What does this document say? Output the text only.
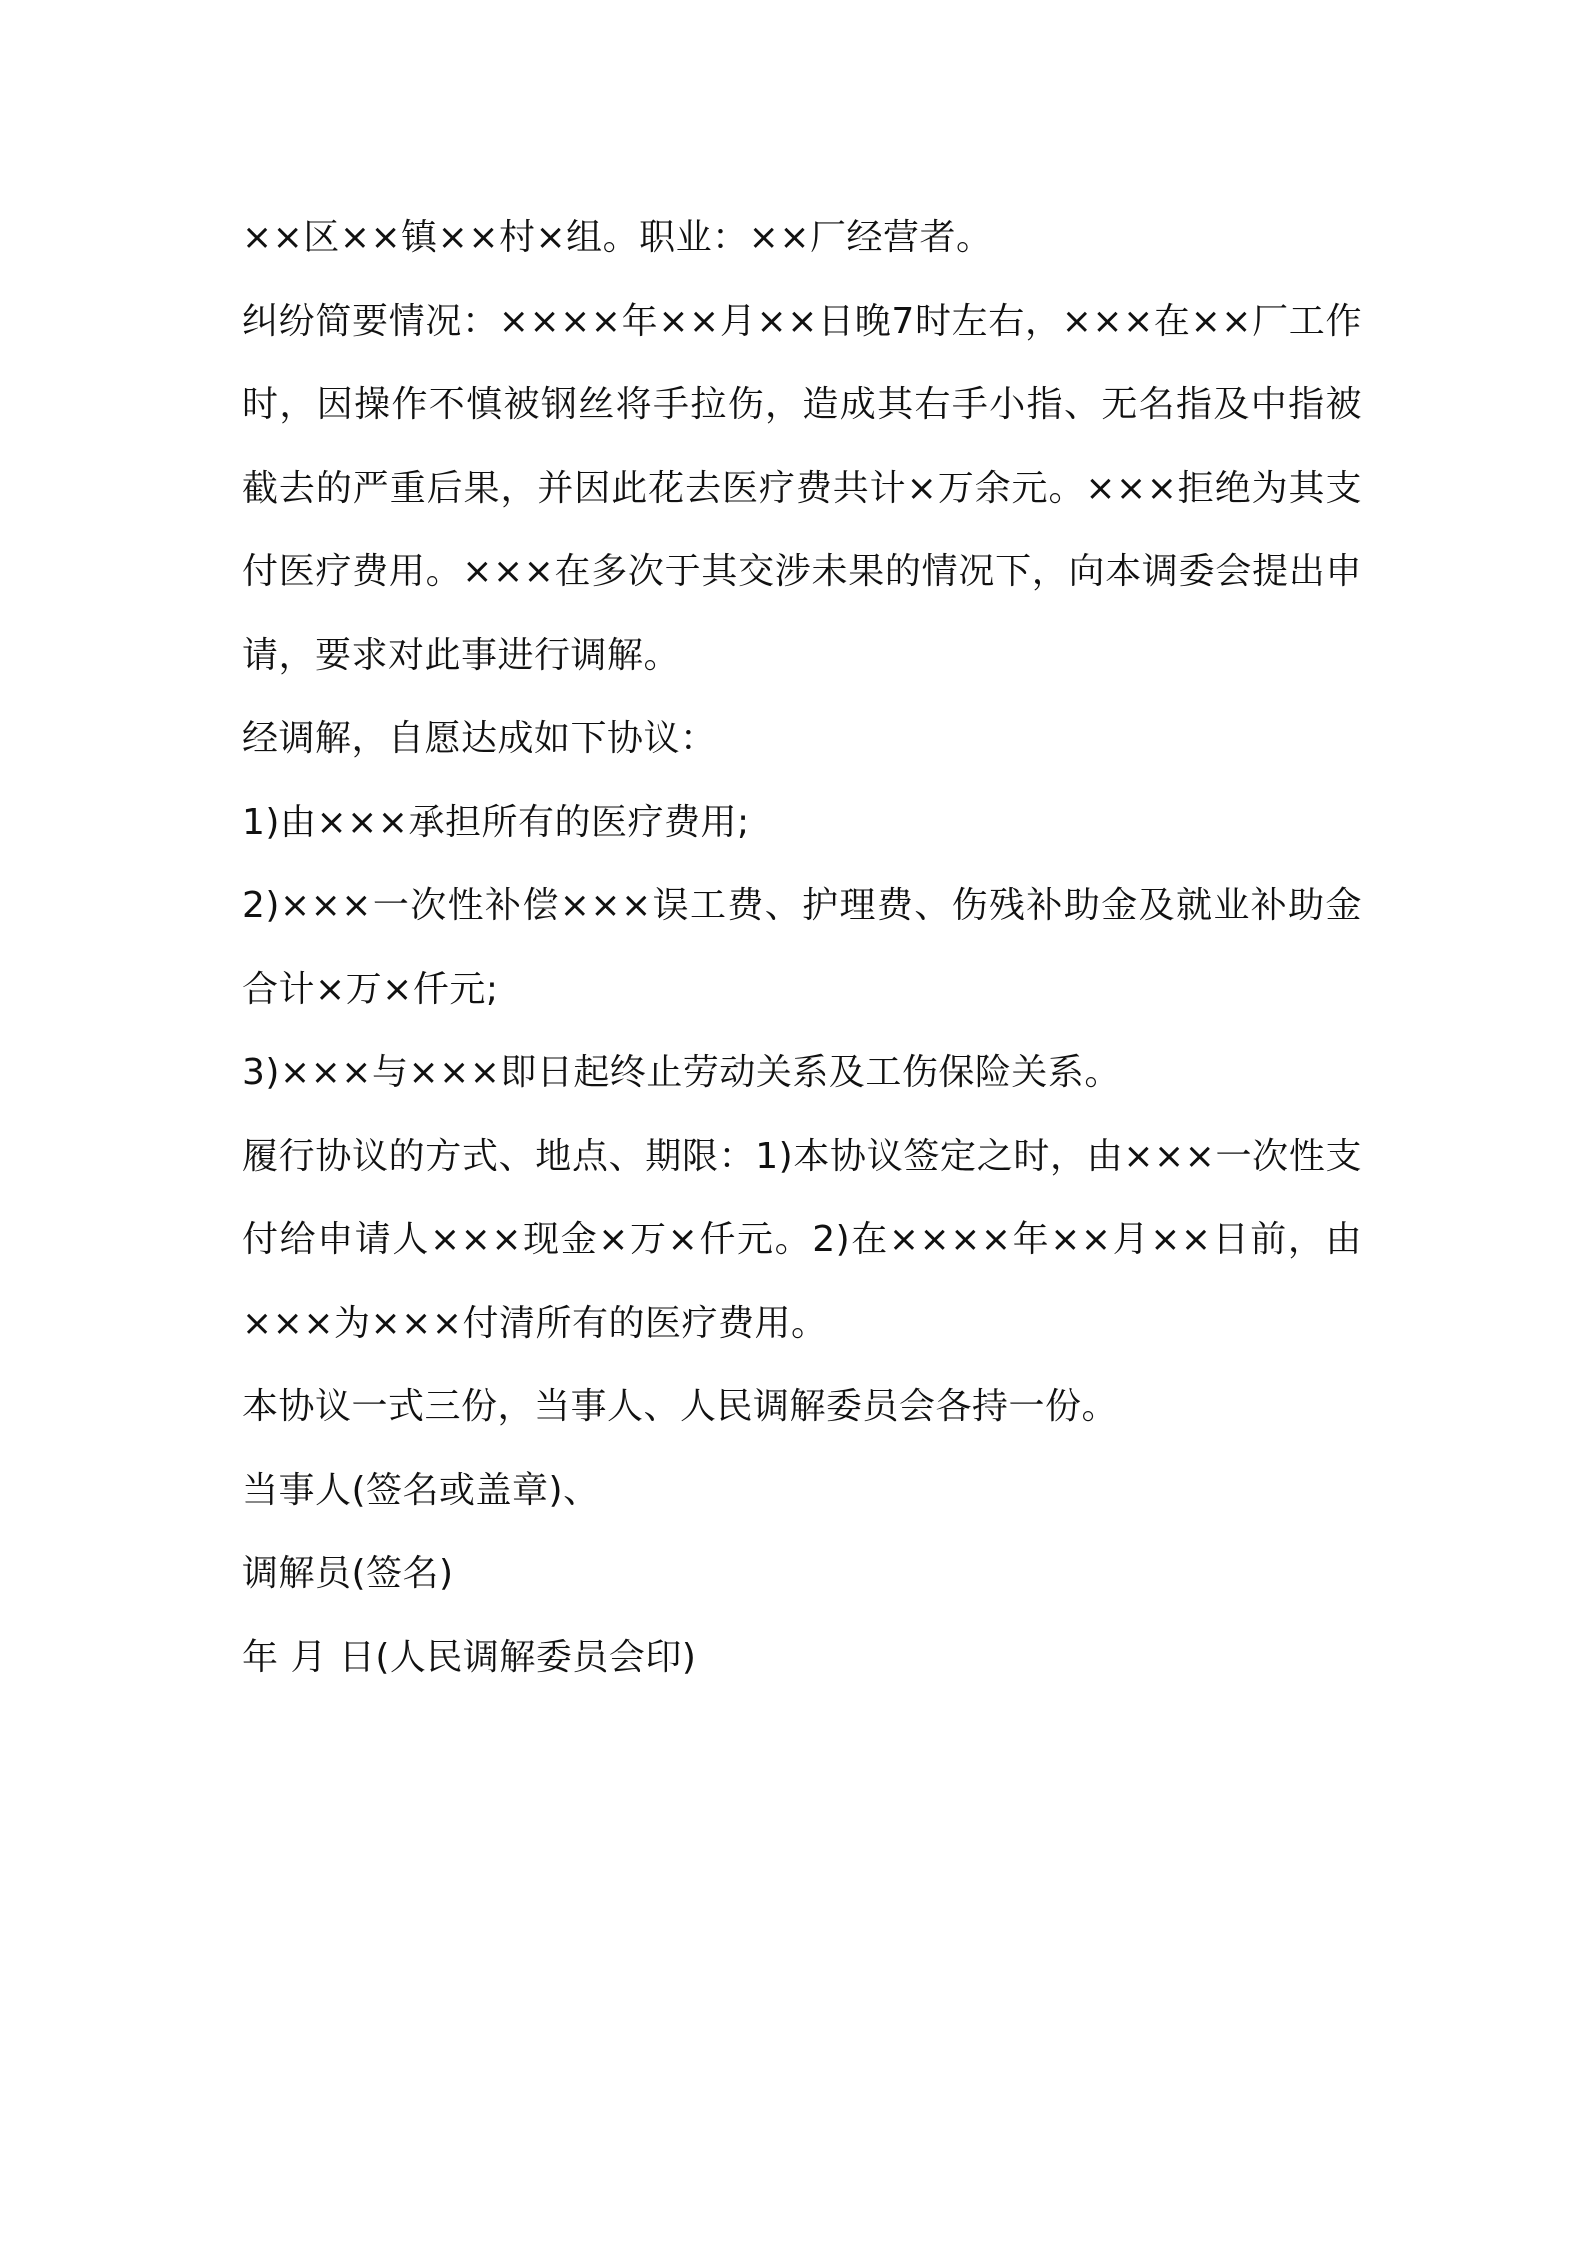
××区××镇××村×组。职业：××厂经营者。

纠纷简要情况：××××年××月××日晚7时左右，×××在××厂工作时，因操作不慎被钢丝将手拉伤，造成其右手小指、无名指及中指被截去的严重后果，并因此花去医疗费共计×万余元。×××拒绝为其支付医疗费用。×××在多次于其交涉未果的情况下，向本调委会提出申请，要求对此事进行调解。

经调解，自愿达成如下协议：

1)由×××承担所有的医疗费用;

2)×××一次性补偿×××误工费、护理费、伤残补助金及就业补助金合计×万×仟元;

3)×××与×××即日起终止劳动关系及工伤保险关系。

履行协议的方式、地点、期限：1)本协议签定之时，由×××一次性支付给申请人×××现金×万×仟元。2)在××××年××月××日前，由×××为×××付清所有的医疗费用。

本协议一式三份，当事人、人民调解委员会各持一份。

当事人(签名或盖章)、

调解员(签名)

年 月 日(人民调解委员会印)
